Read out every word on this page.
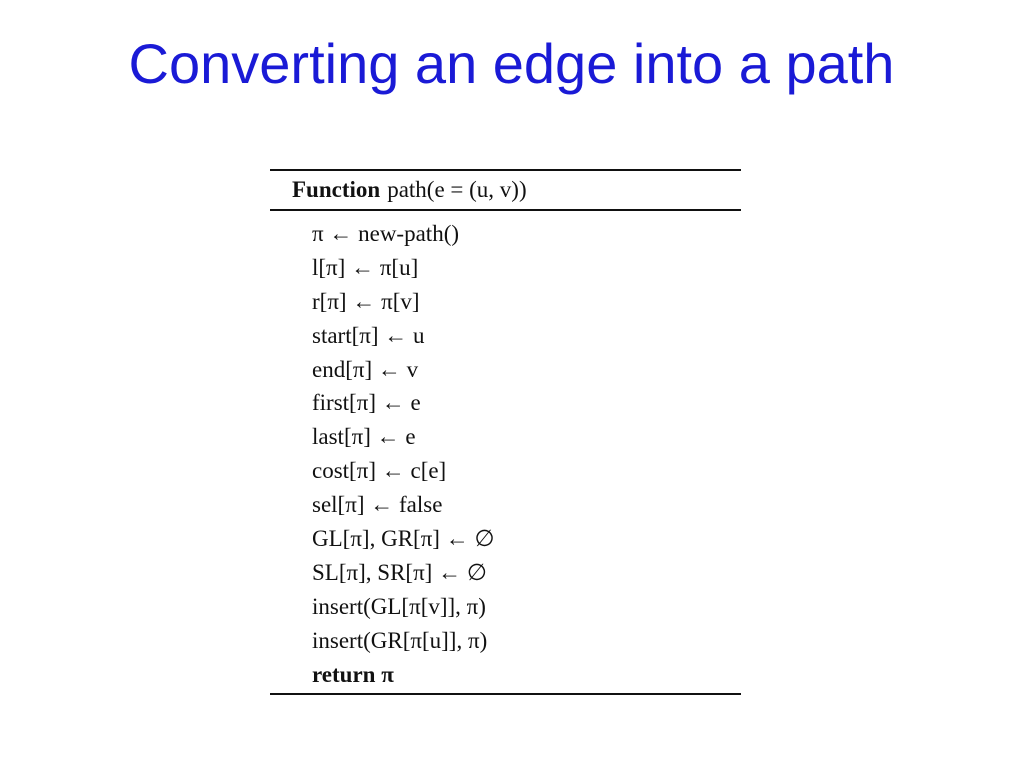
Converting an edge into a path
Function path(e = (u, v))
π ← new-path()
l[π] ← π[u]
r[π] ← π[v]
start[π] ← u
end[π] ← v
first[π] ← e
last[π] ← e
cost[π] ← c[e]
sel[π] ← false
GL[π], GR[π] ← ∅
SL[π], SR[π] ← ∅
insert(GL[π[v]], π)
insert(GR[π[u]], π)
return π
